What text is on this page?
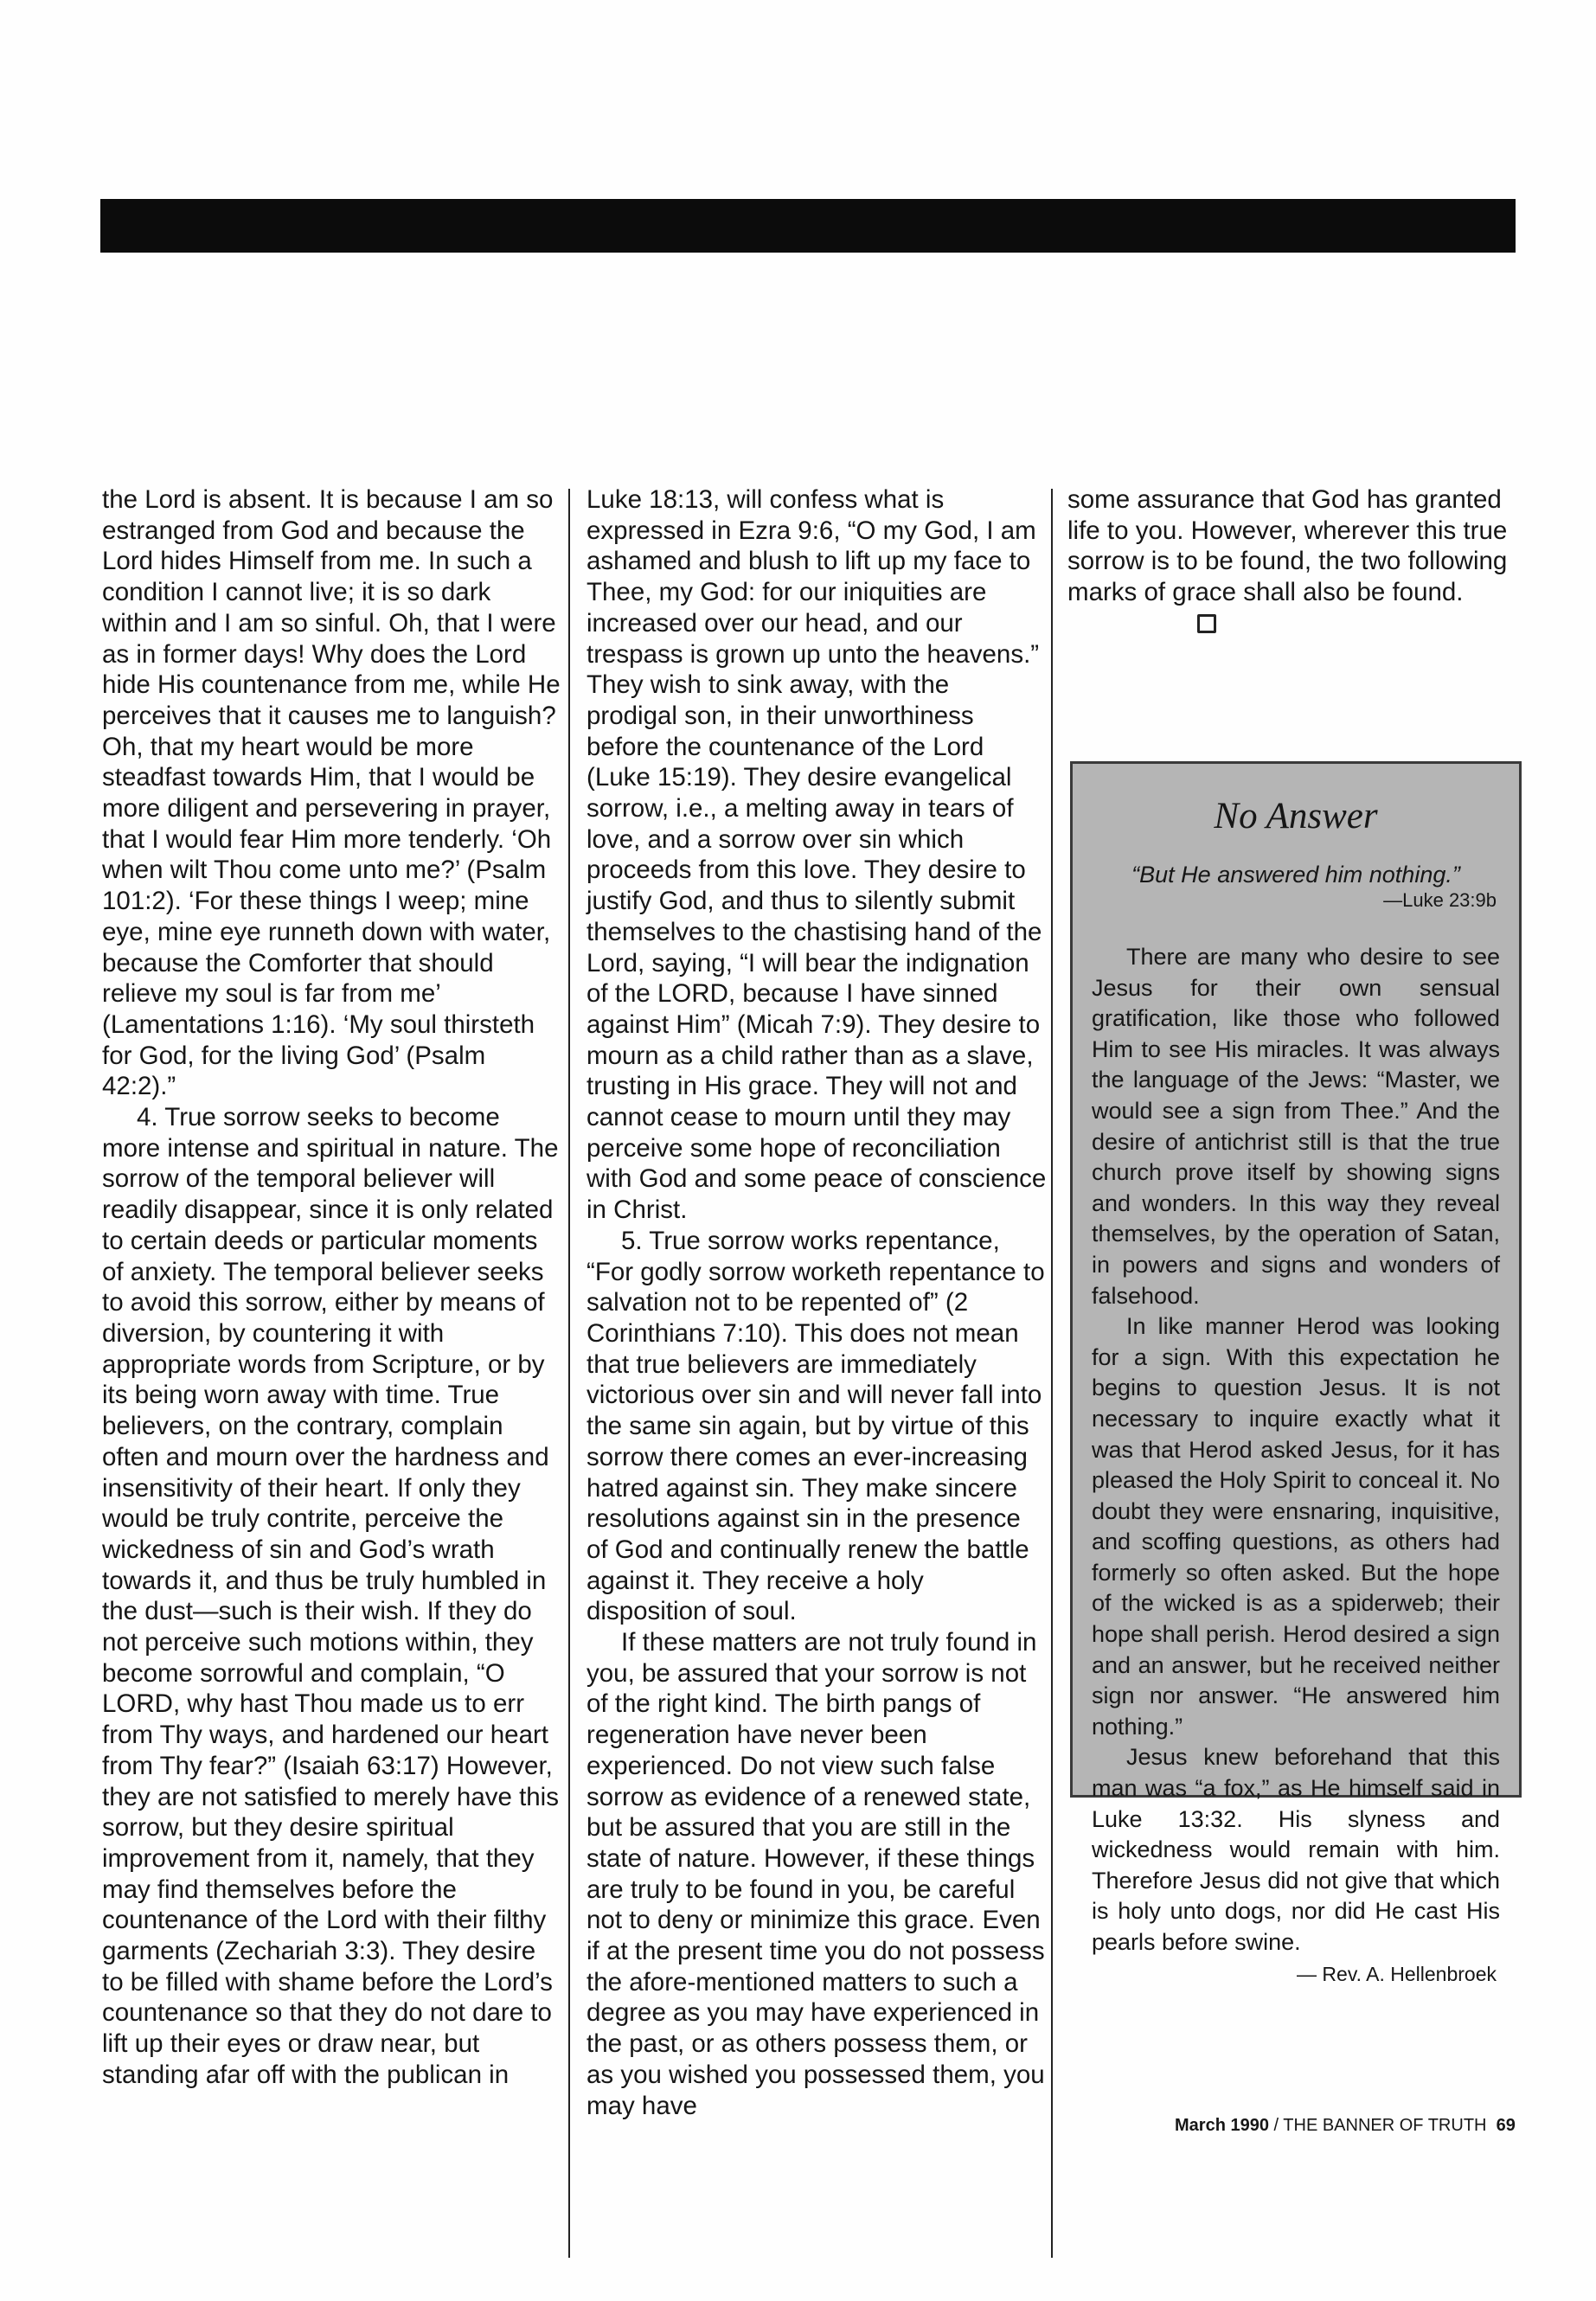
the Lord is absent. It is because I am so estranged from God and because the Lord hides Himself from me. In such a condition I cannot live; it is so dark within and I am so sinful. Oh, that I were as in former days! Why does the Lord hide His countenance from me, while He perceives that it causes me to languish? Oh, that my heart would be more steadfast towards Him, that I would be more diligent and persevering in prayer, that I would fear Him more tenderly. ‘Oh when wilt Thou come unto me?’ (Psalm 101:2). ‘For these things I weep; mine eye, mine eye runneth down with water, because the Comforter that should relieve my soul is far from me’ (Lamentations 1:16). ‘My soul thirsteth for God, for the living God’ (Psalm 42:2).”

4. True sorrow seeks to become more intense and spiritual in nature. The sorrow of the temporal believer will readily disappear, since it is only related to certain deeds or particular moments of anxiety. The temporal believer seeks to avoid this sorrow, either by means of diversion, by countering it with appropriate words from Scripture, or by its being worn away with time. True believers, on the contrary, complain often and mourn over the hardness and insensitivity of their heart. If only they would be truly contrite, perceive the wickedness of sin and God’s wrath towards it, and thus be truly humbled in the dust—such is their wish. If they do not perceive such motions within, they become sorrowful and complain, “O LORD, why hast Thou made us to err from Thy ways, and hardened our heart from Thy fear?” (Isaiah 63:17) However, they are not satisfied to merely have this sorrow, but they desire spiritual improvement from it, namely, that they may find themselves before the countenance of the Lord with their filthy garments (Zechariah 3:3). They desire to be filled with shame before the Lord’s countenance so that they do not dare to lift up their eyes or draw near, but standing afar off with the publican in

Luke 18:13, will confess what is expressed in Ezra 9:6, “O my God, I am ashamed and blush to lift up my face to Thee, my God: for our iniquities are increased over our head, and our trespass is grown up unto the heavens.” They wish to sink away, with the prodigal son, in their unworthiness before the countenance of the Lord (Luke 15:19). They desire evangelical sorrow, i.e., a melting away in tears of love, and a sorrow over sin which proceeds from this love. They desire to justify God, and thus to silently submit themselves to the chastising hand of the Lord, saying, “I will bear the indignation of the LORD, because I have sinned against Him” (Micah 7:9). They desire to mourn as a child rather than as a slave, trusting in His grace. They will not and cannot cease to mourn until they may perceive some hope of reconciliation with God and some peace of conscience in Christ.

5. True sorrow works repentance, “For godly sorrow worketh repentance to salvation not to be repented of” (2 Corinthians 7:10). This does not mean that true believers are immediately victorious over sin and will never fall into the same sin again, but by virtue of this sorrow there comes an ever-increasing hatred against sin. They make sincere resolutions against sin in the presence of God and continually renew the battle against it. They receive a holy disposition of soul.

If these matters are not truly found in you, be assured that your sorrow is not of the right kind. The birth pangs of regeneration have never been experienced. Do not view such false sorrow as evidence of a renewed state, but be assured that you are still in the state of nature. However, if these things are truly to be found in you, be careful not to deny or minimize this grace. Even if at the present time you do not possess the afore-mentioned matters to such a degree as you may have experienced in the past, or as others possess them, or as you wished you possessed them, you may have

some assurance that God has granted life to you. However, wherever this true sorrow is to be found, the two following marks of grace shall also be found.

No Answer
“But He answered him nothing.”
—Luke 23:9b

There are many who desire to see Jesus for their own sensual gratification, like those who followed Him to see His miracles. It was always the language of the Jews: “Master, we would see a sign from Thee.” And the desire of antichrist still is that the true church prove itself by showing signs and wonders. In this way they reveal themselves, by the operation of Satan, in powers and signs and wonders of falsehood.

In like manner Herod was looking for a sign. With this expectation he begins to question Jesus. It is not necessary to inquire exactly what it was that Herod asked Jesus, for it has pleased the Holy Spirit to conceal it. No doubt they were ensnaring, inquisitive, and scoffing questions, as others had formerly so often asked. But the hope of the wicked is as a spiderweb; their hope shall perish. Herod desired a sign and an answer, but he received neither sign nor answer. “He answered him nothing.”

Jesus knew beforehand that this man was “a fox,” as He himself said in Luke 13:32. His slyness and wickedness would remain with him. Therefore Jesus did not give that which is holy unto dogs, nor did He cast His pearls before swine.

— Rev. A. Hellenbroek
March 1990 / THE BANNER OF TRUTH 69
